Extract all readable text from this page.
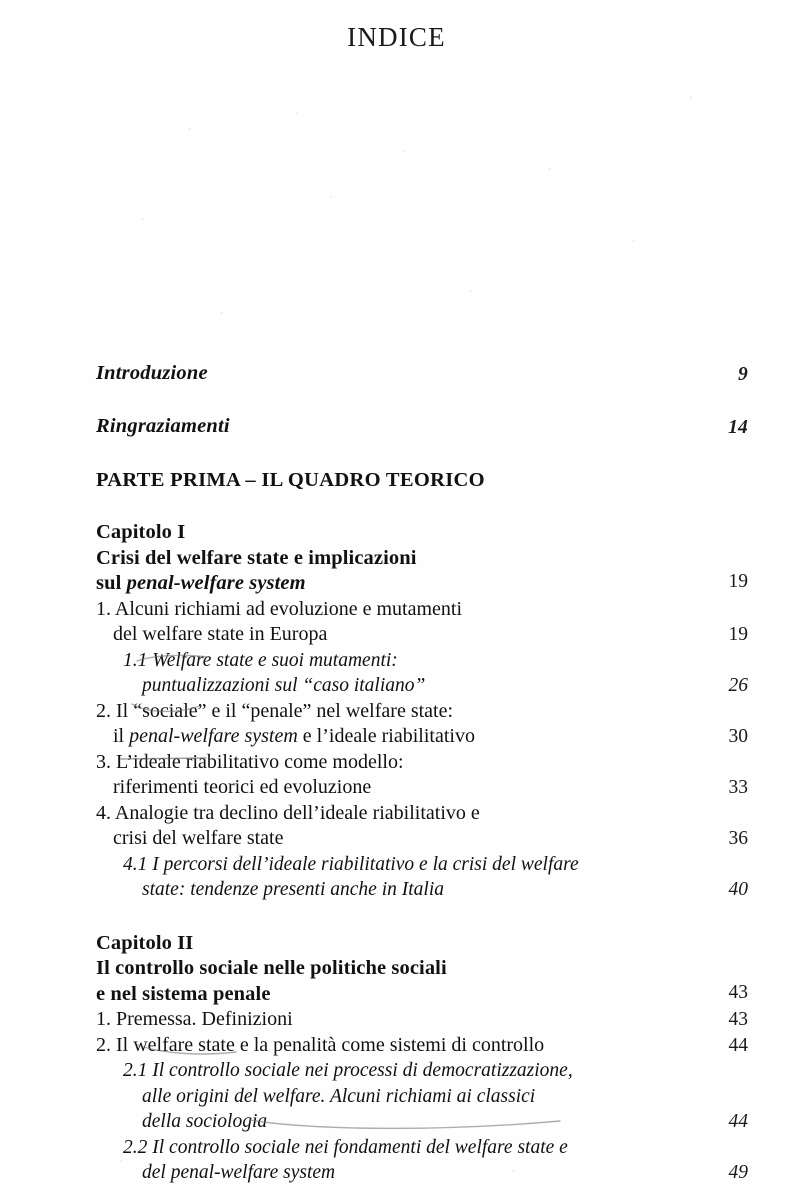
INDICE
Introduzione	9
Ringraziamenti	14
PARTE PRIMA – IL QUADRO TEORICO
Capitolo I
Crisi del welfare state e implicazioni
sul penal-welfare system	19
1. Alcuni richiami ad evoluzione e mutamenti
del welfare state in Europa	19
1.1 Welfare state e suoi mutamenti:
puntualizzazioni sul “caso italiano”	26
2. Il “sociale” e il “penale” nel welfare state:
il penal-welfare system e l’ideale riabilitativo	30
3. L’ideale riabilitativo come modello:
riferimenti teorici ed evoluzione	33
4. Analogie tra declino dell’ideale riabilitativo e
crisi del welfare state	36
4.1 I percorsi dell’ideale riabilitativo e la crisi del welfare
state: tendenze presenti anche in Italia	40
Capitolo II
Il controllo sociale nelle politiche sociali
e nel sistema penale	43
1. Premessa. Definizioni	43
2. Il welfare state e la penalità come sistemi di controllo	44
2.1 Il controllo sociale nei processi di democratizzazione,
alle origini del welfare. Alcuni richiami ai classici
della sociologia	44
2.2 Il controllo sociale nei fondamenti del welfare state e
del penal-welfare system	49
